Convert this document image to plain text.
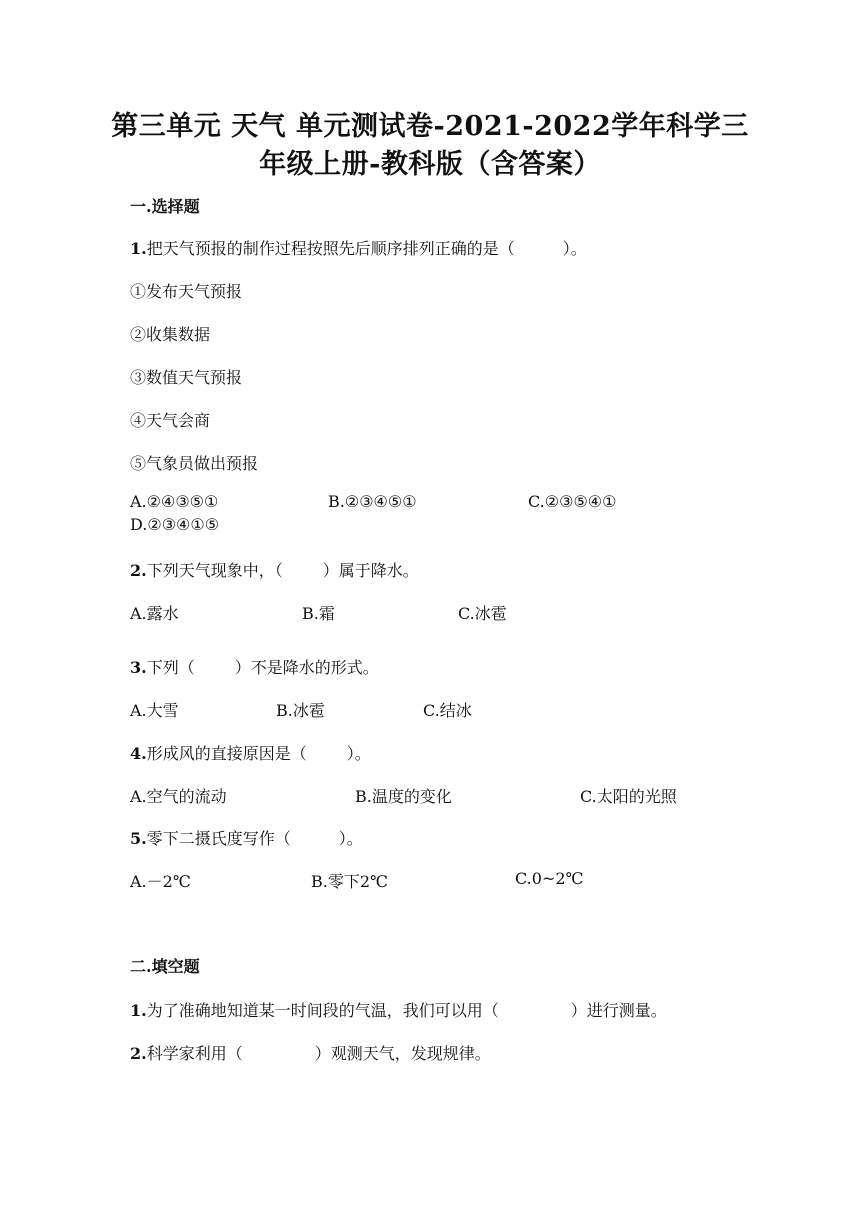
第三单元 天气 单元测试卷-2021-2022学年科学三
年级上册-教科版（含答案）
一.选择题
1.把天气预报的制作过程按照先后顺序排列正确的是（	）。
①发布天气预报
②收集数据
③数值天气预报
④天气会商
⑤气象员做出预报
A.②④③⑤①	B.②③④⑤①	C.②③⑤④①
D.②③④①⑤
2.下列天气现象中，（	）属于降水。
A.露水	B.霜	C.冰雹
3.下列（	）不是降水的形式。
A.大雪	B.冰雹	C.结冰
4.形成风的直接原因是（	）。
A.空气的流动	B.温度的变化	C.太阳的光照
5.零下二摄氏度写作（	）。
A.－2℃	B.零下2℃	C.0~2℃
二.填空题
1.为了准确地知道某一时间段的气温，我们可以用（	）进行测量。
2.科学家利用（	）观测天气，发现规律。
